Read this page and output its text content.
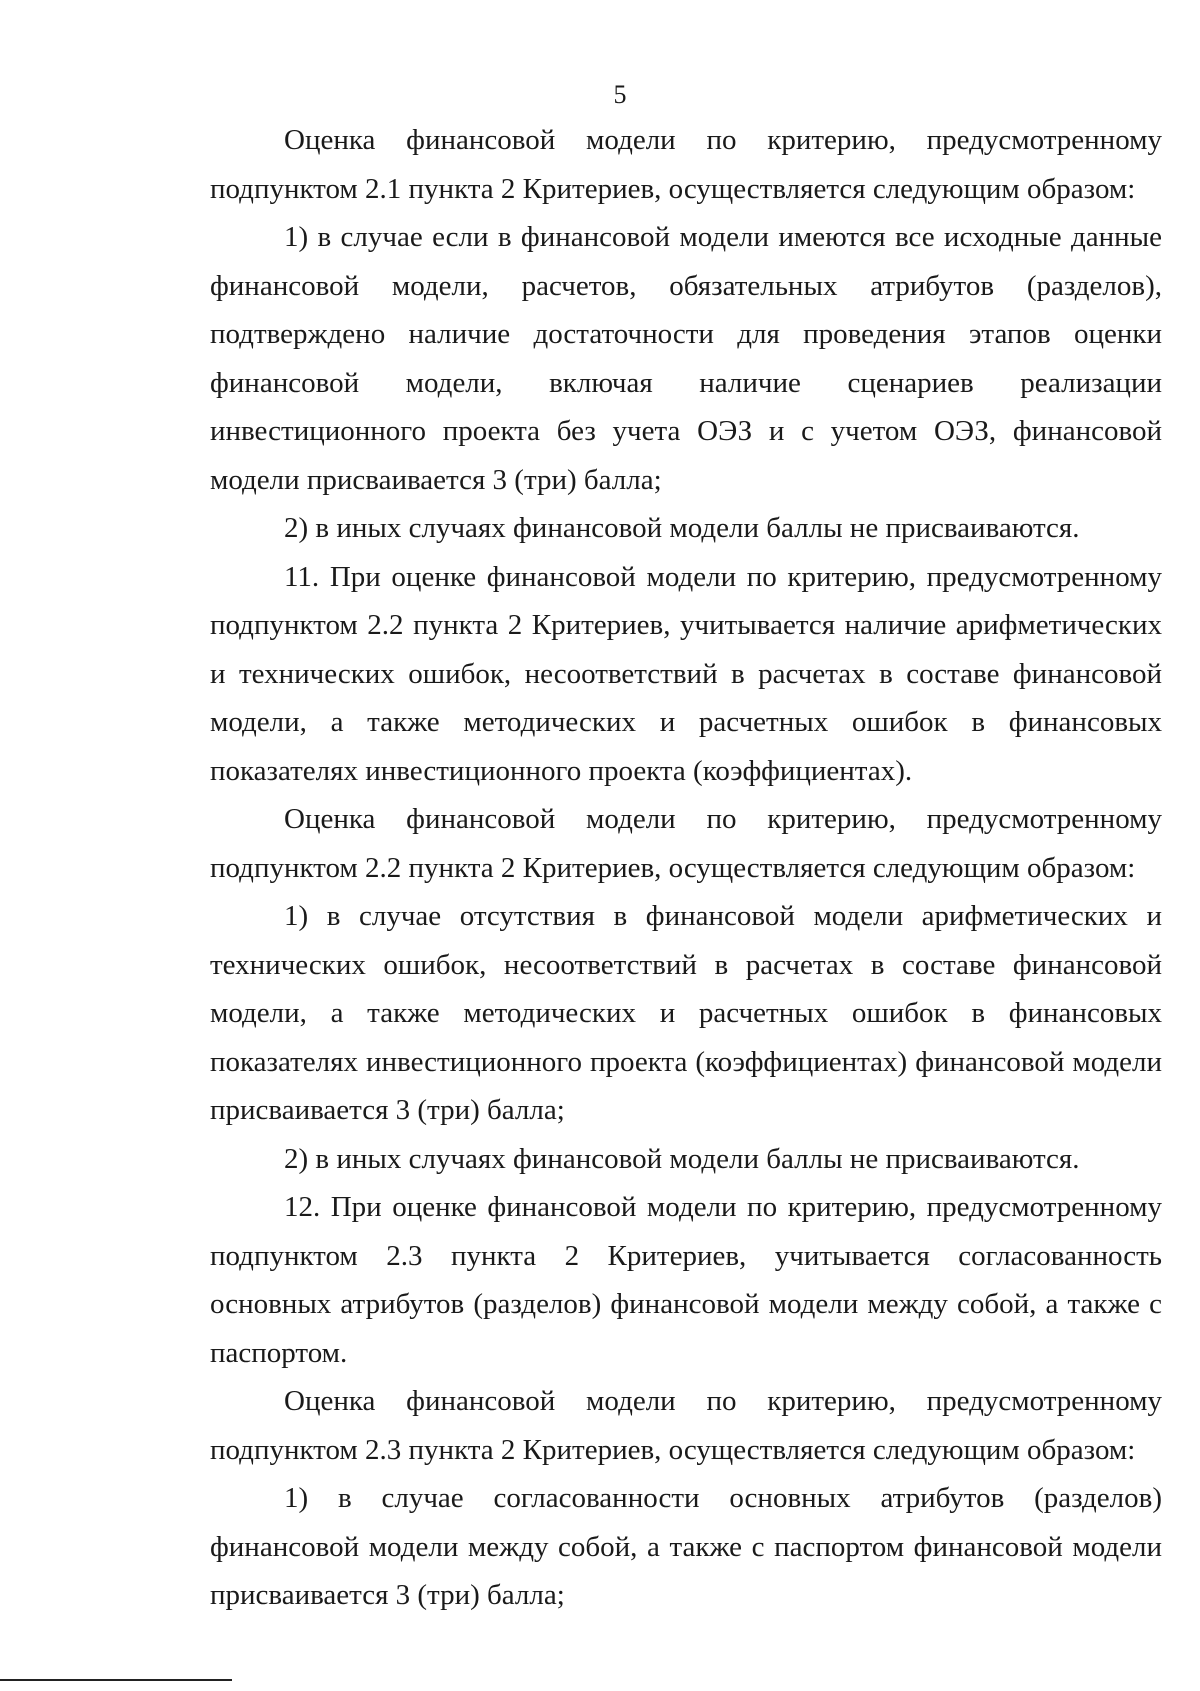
5

Оценка финансовой модели по критерию, предусмотренному подпунктом 2.1 пункта 2 Критериев, осуществляется следующим образом:

1) в случае если в финансовой модели имеются все исходные данные финансовой модели, расчетов, обязательных атрибутов (разделов), подтверждено наличие достаточности для проведения этапов оценки финансовой модели, включая наличие сценариев реализации инвестиционного проекта без учета ОЭЗ и с учетом ОЭЗ, финансовой модели присваивается 3 (три) балла;

2) в иных случаях финансовой модели баллы не присваиваются.

11. При оценке финансовой модели по критерию, предусмотренному подпунктом 2.2 пункта 2 Критериев, учитывается наличие арифметических и технических ошибок, несоответствий в расчетах в составе финансовой модели, а также методических и расчетных ошибок в финансовых показателях инвестиционного проекта (коэффициентах).

Оценка финансовой модели по критерию, предусмотренному подпунктом 2.2 пункта 2 Критериев, осуществляется следующим образом:

1) в случае отсутствия в финансовой модели арифметических и технических ошибок, несоответствий в расчетах в составе финансовой модели, а также методических и расчетных ошибок в финансовых показателях инвестиционного проекта (коэффициентах) финансовой модели присваивается 3 (три) балла;

2) в иных случаях финансовой модели баллы не присваиваются.

12. При оценке финансовой модели по критерию, предусмотренному подпунктом 2.3 пункта 2 Критериев, учитывается согласованность основных атрибутов (разделов) финансовой модели между собой, а также с паспортом.

Оценка финансовой модели по критерию, предусмотренному подпунктом 2.3 пункта 2 Критериев, осуществляется следующим образом:

1) в случае согласованности основных атрибутов (разделов) финансовой модели между собой, а также с паспортом финансовой модели присваивается 3 (три) балла;
